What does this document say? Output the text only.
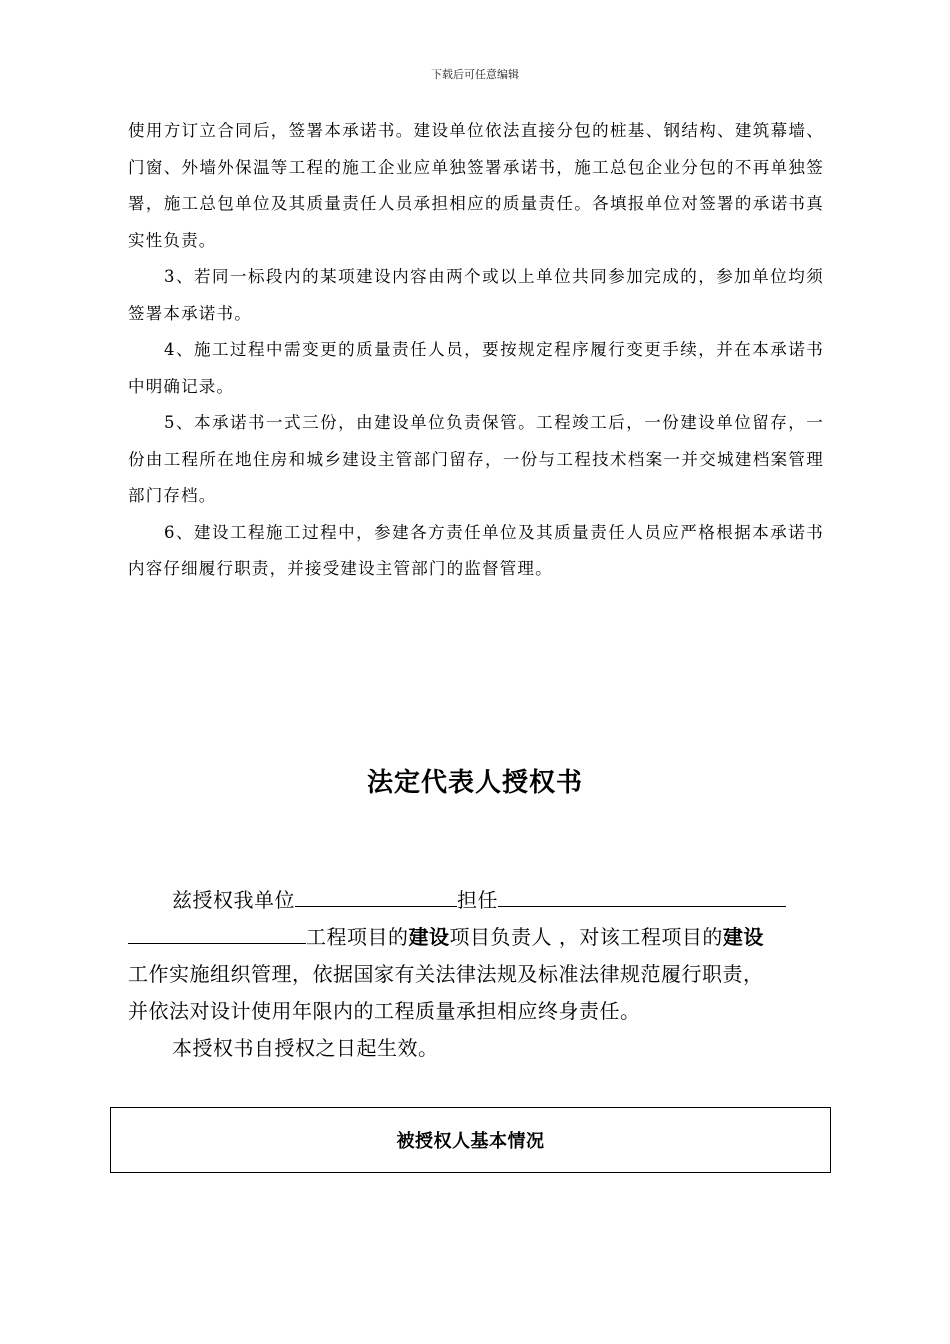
下载后可任意编辑

使用方订立合同后，签署本承诺书。建设单位依法直接分包的桩基、钢结构、建筑幕墙、门窗、外墙外保温等工程的施工企业应单独签署承诺书，施工总包企业分包的不再单独签署，施工总包单位及其质量责任人员承担相应的质量责任。各填报单位对签署的承诺书真实性负责。

3、若同一标段内的某项建设内容由两个或以上单位共同参加完成的，参加单位均须签署本承诺书。

4、施工过程中需变更的质量责任人员，要按规定程序履行变更手续，并在本承诺书中明确记录。

5、本承诺书一式三份，由建设单位负责保管。工程竣工后，一份建设单位留存，一份由工程所在地住房和城乡建设主管部门留存，一份与工程技术档案一并交城建档案管理部门存档。

6、建设工程施工过程中，参建各方责任单位及其质量责任人员应严格根据本承诺书内容仔细履行职责，并接受建设主管部门的监督管理。

法定代表人授权书

兹授权我单位	担任

工程项目的建设项目负责人 ，对该工程项目的建设

工作实施组织管理，依据国家有关法律法规及标准法律规范履行职责，

并依法对设计使用年限内的工程质量承担相应终身责任。

本授权书自授权之日起生效。

被授权人基本情况
